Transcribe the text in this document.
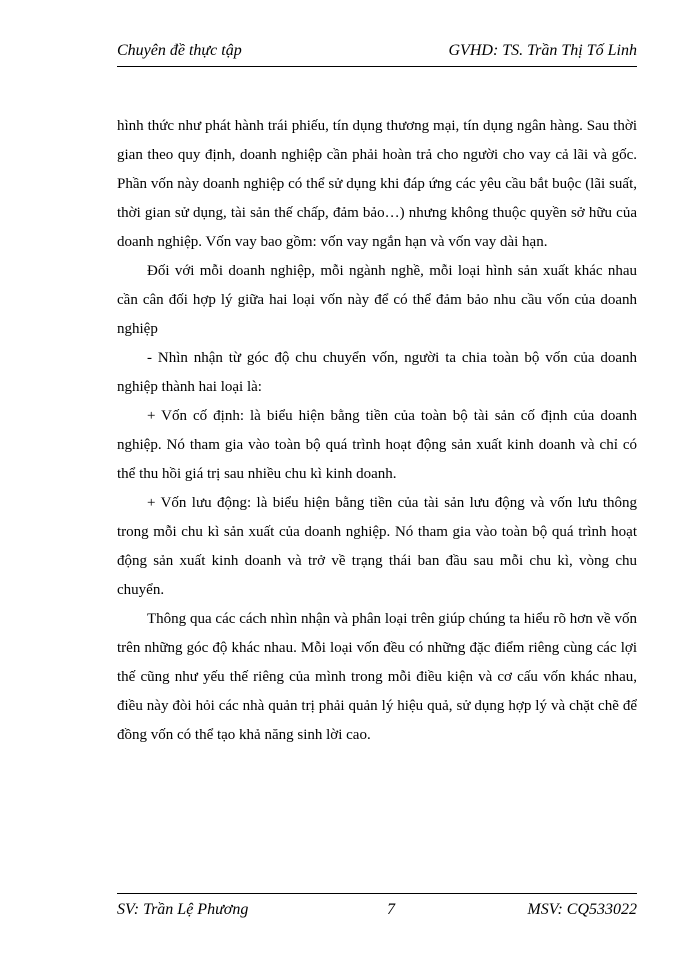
Chuyên đề thực tập	GVHD: TS. Trần Thị Tố Linh

hình thức như phát hành trái phiếu, tín dụng thương mại, tín dụng ngân hàng. Sau thời gian theo quy định, doanh nghiệp cần phải hoàn trả cho người cho vay cả lãi và gốc. Phần vốn này doanh nghiệp có thể sử dụng khi đáp ứng các yêu cầu bắt buộc (lãi suất, thời gian sử dụng, tài sản thế chấp, đảm bảo…) nhưng không thuộc quyền sở hữu của doanh nghiệp. Vốn vay bao gồm: vốn vay ngắn hạn và vốn vay dài hạn.

Đối với mỗi doanh nghiệp, mỗi ngành nghề, mỗi loại hình sản xuất khác nhau cần cân đối hợp lý giữa hai loại vốn này để có thể đảm bảo nhu cầu vốn của doanh nghiệp

- Nhìn nhận từ góc độ chu chuyển vốn, người ta chia toàn bộ vốn của doanh nghiệp thành hai loại là:

+ Vốn cố định: là biểu hiện bằng tiền của toàn bộ tài sản cố định của doanh nghiệp. Nó tham gia vào toàn bộ quá trình hoạt động sản xuất kinh doanh và chỉ có thể thu hồi giá trị sau nhiều chu kì kinh doanh.

+ Vốn lưu động: là biểu hiện bằng tiền của tài sản lưu động và vốn lưu thông trong mỗi chu kì sản xuất của doanh nghiệp. Nó tham gia vào toàn bộ quá trình hoạt động sản xuất kinh doanh và trở về trạng thái ban đầu sau mỗi chu kì, vòng chu chuyển.

Thông qua các cách nhìn nhận và phân loại trên giúp chúng ta hiểu rõ hơn về vốn trên những góc độ khác nhau. Mỗi loại vốn đều có những đặc điểm riêng cùng các lợi thế cũng như yếu thế riêng của mình trong mỗi điều kiện và cơ cấu vốn khác nhau, điều này đòi hỏi các nhà quản trị phải quản lý hiệu quả, sử dụng hợp lý và chặt chẽ để đồng vốn có thể tạo khả năng sinh lời cao.

SV: Trần Lệ Phương	7	MSV: CQ533022
